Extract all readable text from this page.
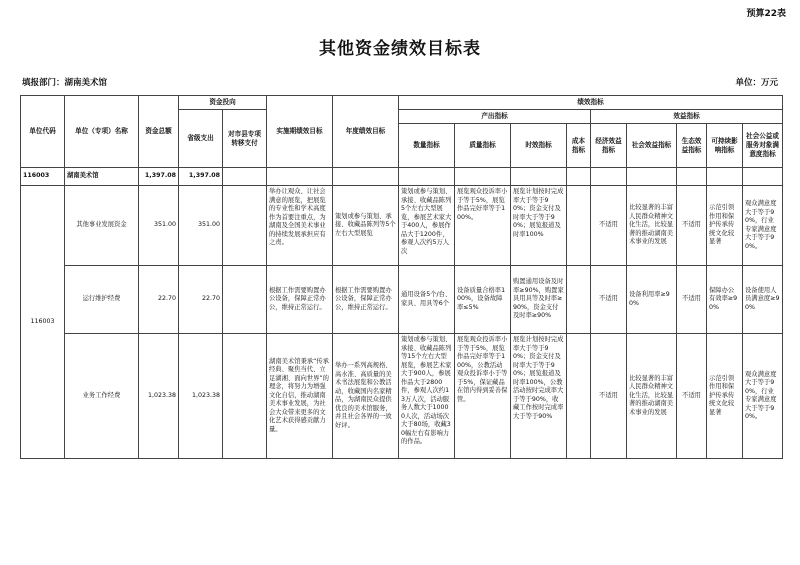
预算22表
其他资金绩效目标表
填报部门：湖南美术馆	单位：万元
单位代码	单位（专项）名称	资金总额	资金投向		实施期绩效目标	年度绩效目标	绩效指标								
			省级支出	对市县专项转移支付			产出指标				效益指标				
							数量指标	质量指标	时效指标	成本指标	经济效益指标	社会效益指标	生态效益指标	可持续影响指标	社会公益或服务对象满意度指标

116003	湖南美术馆	1,397.08	1,397.08												
116003	其他事业发展资金	351.00	351.00		举办让观众、让社会满意的展览，把展览的专业性和学术高度作为首要注重点，为湖南及全国美术事业的持续发展承担应有之责。	策划或参与策划、承接、收藏品陈列等5个左右大型展览	策划或参与策划、承接、收藏品陈列5个左右大型展览，参展艺术家大于400人，参展作品大于1200件，参观人次约5万人次	展览观众投诉率小于等于5%，展览作品完好率等于100%。	展览计划按时完成率大于等于90%；资金支付及时率大于等于90%；展览报道及时率100%		不适用	比较显著的丰富人民群众精神文化生活，比较显著的推动湖南美术事业的发展	不适用	示范引领作用和保护传承传统文化较显著	观众满意度大于等于90%，行业专家满意度大于等于90%。
	运行维护经费	22.70	22.70		根据工作需要购置办公设备，保障正常办公，维持正常运行。	根据工作需要购置办公设备，保障正常办公，维持正常运行。	通用设备5个/台、家具、用具等6个	设备质量合格率100%，设备故障率≤5%	购置通用设备及时率≥90%，购置家具用具等及时率≥90%，资金支付及时率≥90%		不适用	设备利用率≥90%	不适用	保障办公有效率≥90%	设备使用人员满意度≥90%
	业务工作经费	1,023.38	1,023.38		湖南美术馆秉承“传承经典、聚焦当代、立足湖湘、面向世界”的理念，将努力为增强文化自信，推动湖南美术事业发展，为社会大众带来更多的文化艺术获得感贡献力量。	举办一系列高规格、高水准、高质量的美术书法展览和公教活动，收藏国内名家精品，为湖南民众提供优良的美术馆服务，并且社会各界的一致好评。	策划或参与策划、承接、收藏品陈列等15个左右大型展览，参展艺术家大于900人，参展作品大于2800件，参观人次约13万人次，活动服务人数大于10000人次，活动场次大于80场，收藏30幅左右有影响力的作品。	展览观众投诉率小于等于5%，展览作品完好率等于100%，公教活动观众投诉率小于等于5%，保证藏品在馆内得到妥善保管。	展览计划按时完成率大于等于90%；资金支付及时率大于等于90%；展览报道及时率100%，公教活动按时完成率大于等于90%，收藏工作按时完成率大于等于90%		不适用	比较显著的丰富人民群众精神文化生活，比较显著的推动湖南美术事业的发展	不适用	示范引领作用和保护传承传统文化较显著	观众满意度大于等于90%，行业专家满意度大于等于90%。
